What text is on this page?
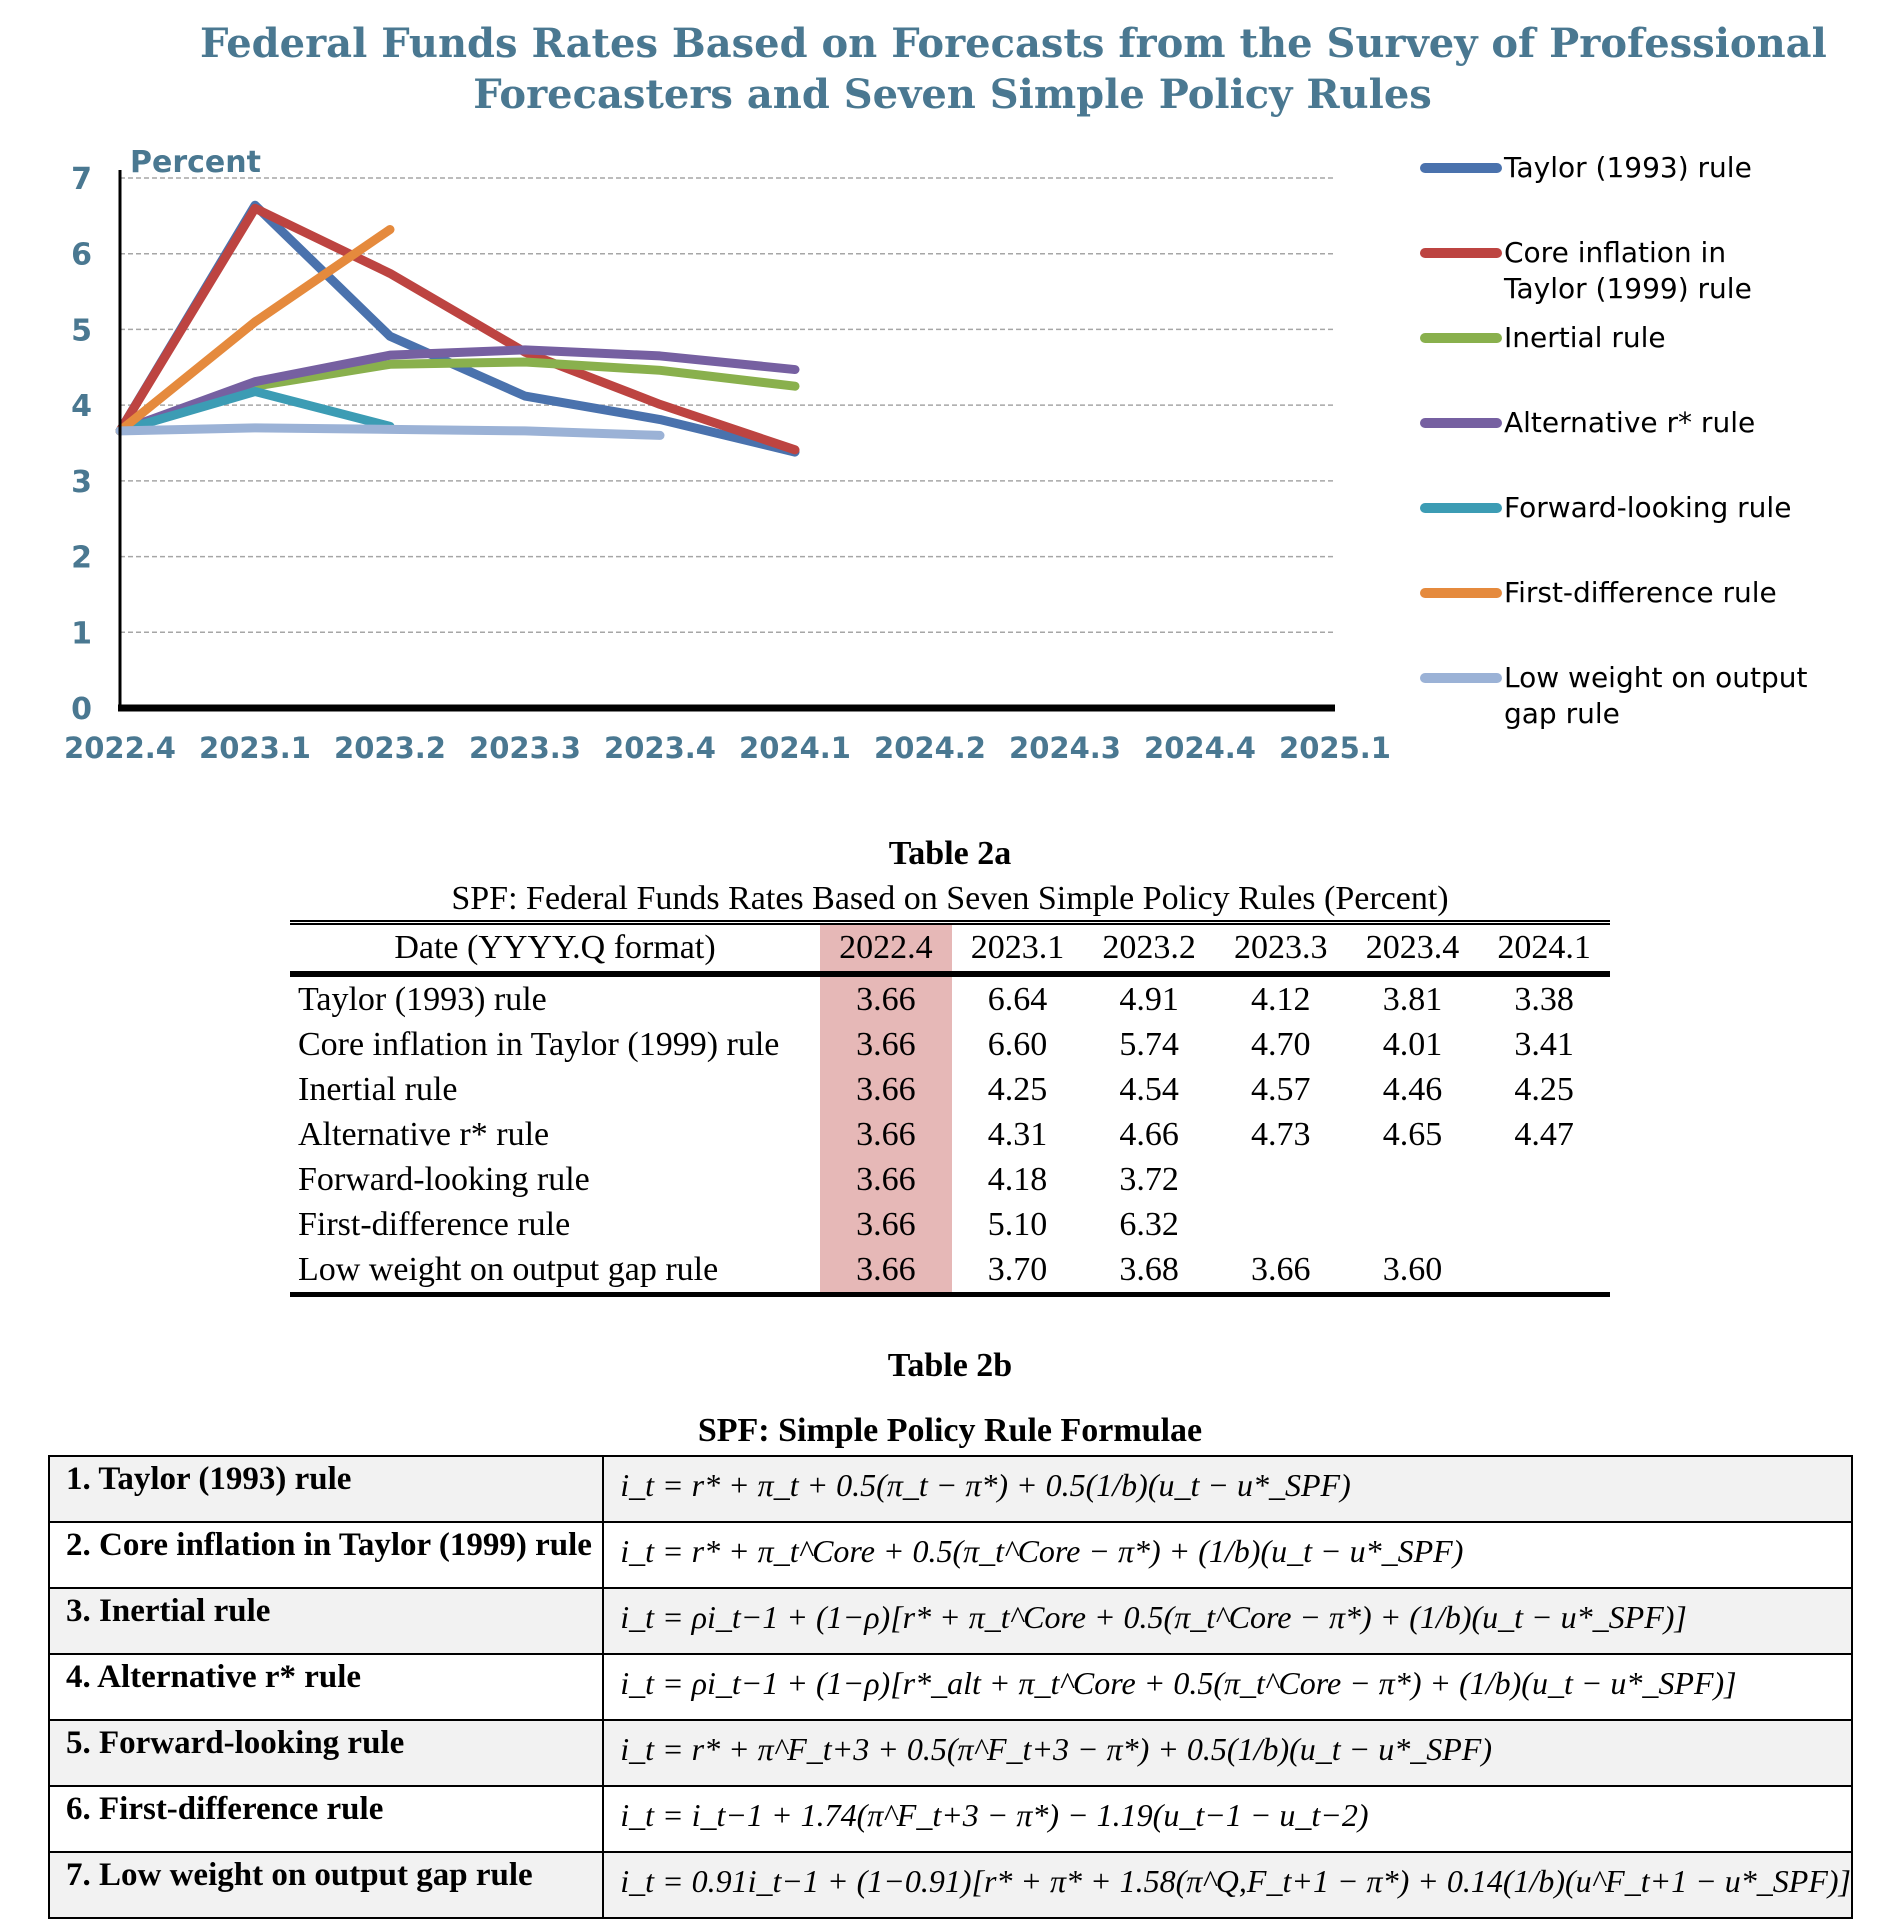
Federal Funds Rates Based on Forecasts from the Survey of Professional
Forecasters and Seven Simple Policy Rules
0
1
2
3
4
5
6
7 Percent
2022.4 2023.1 2023.2 2023.3 2023.4 2024.1 2024.2 2024.3 2024.4 2025.1
Taylor (1993) rule
Core inflation in
Taylor (1999) rule
Inertial rule
Alternative r* rule
Forward-looking rule
First-difference rule
Low weight on output
gap rule
Table 2a
SPF: Federal Funds Rates Based on Seven Simple Policy Rules (Percent)
Date (YYYY.Q format)	2022.4	2023.1	2023.2	2023.3	2023.4	2024.1
Taylor (1993) rule	3.66	6.64	4.91	4.12	3.81	3.38
Core inflation in Taylor (1999) rule	3.66	6.60	5.74	4.70	4.01	3.41
Inertial rule	3.66	4.25	4.54	4.57	4.46	4.25
Alternative r* rule	3.66	4.31	4.66	4.73	4.65	4.47
Forward-looking rule	3.66	4.18	3.72			
First-difference rule	3.66	5.10	6.32			
Low weight on output gap rule	3.66	3.70	3.68	3.66	3.60	
Table 2b
SPF: Simple Policy Rule Formulae
1. Taylor (1993) rule	i_t = r* + π_t + 0.5(π_t − π*) + 0.5(1/b)(u_t − u*_SPF)
2. Core inflation in Taylor (1999) rule	i_t = r* + π_t^Core + 0.5(π_t^Core − π*) + (1/b)(u_t − u*_SPF)
3. Inertial rule	i_t = ρi_t−1 + (1−ρ)[r* + π_t^Core + 0.5(π_t^Core − π*) + (1/b)(u_t − u*_SPF)]
4. Alternative r* rule	i_t = ρi_t−1 + (1−ρ)[r*_alt + π_t^Core + 0.5(π_t^Core − π*) + (1/b)(u_t − u*_SPF)]
5. Forward-looking rule	i_t = r* + π^F_t+3 + 0.5(π^F_t+3 − π*) + 0.5(1/b)(u_t − u*_SPF)
6. First-difference rule	i_t = i_t−1 + 1.74(π^F_t+3 − π*) − 1.19(u_t−1 − u_t−2)
7. Low weight on output gap rule	i_t = 0.91i_t−1 + (1−0.91)[r* + π* + 1.58(π^Q,F_t+1 − π*) + 0.14(1/b)(u^F_t+1 − u*_SPF)]
